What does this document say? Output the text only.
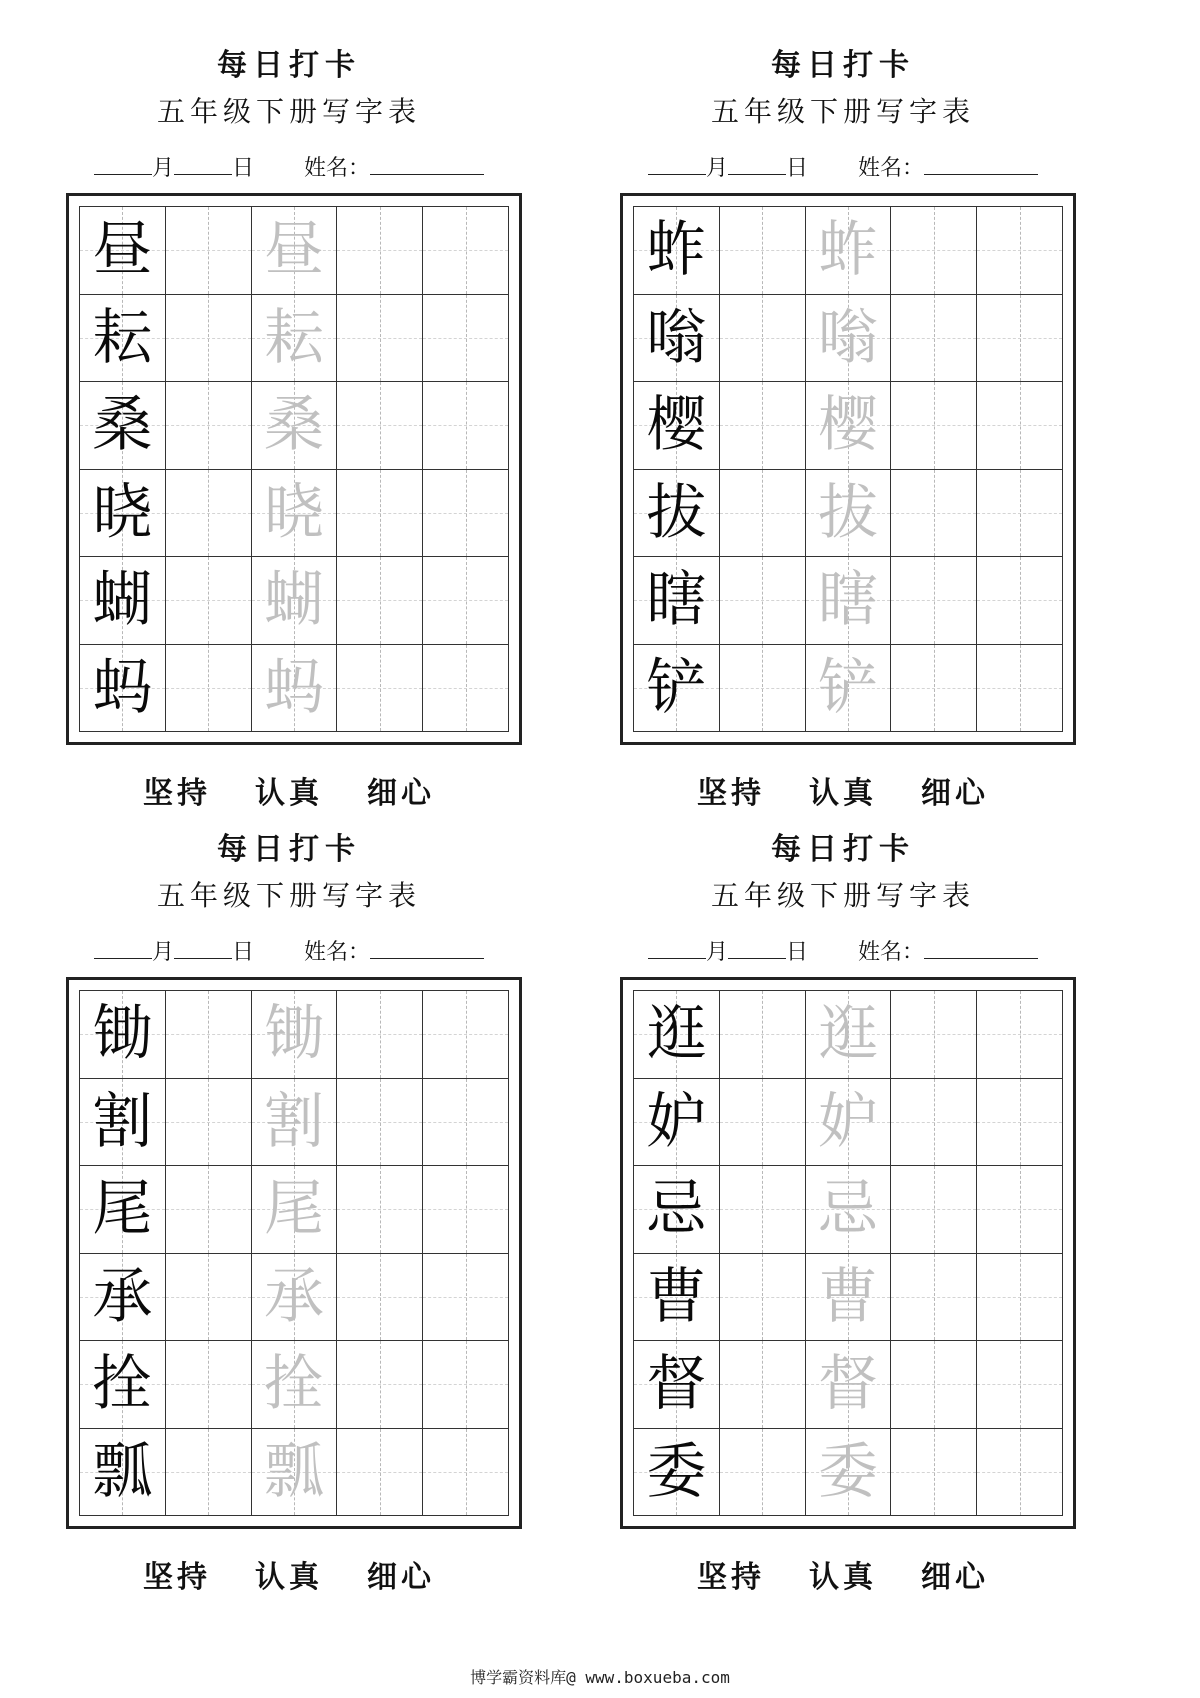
每日打卡
五年级下册写字表
月	日 姓名：
昼 昼
耘 耘
桑 桑
晓 晓
蝴 蝴
蚂 蚂
坚持 认真 细心
每日打卡
五年级下册写字表
月	日 姓名：
蚱 蚱
嗡 嗡
樱 樱
拔 拔
瞎 瞎
铲 铲
坚持 认真 细心
每日打卡
五年级下册写字表
月	日 姓名：
锄 锄
割 割
尾 尾
承 承
拴 拴
瓢 瓢
坚持 认真 细心
每日打卡
五年级下册写字表
月	日 姓名：
逛 逛
妒 妒
忌 忌
曹 曹
督 督
委 委
坚持 认真 细心
博学霸资料库@ www.boxueba.com
